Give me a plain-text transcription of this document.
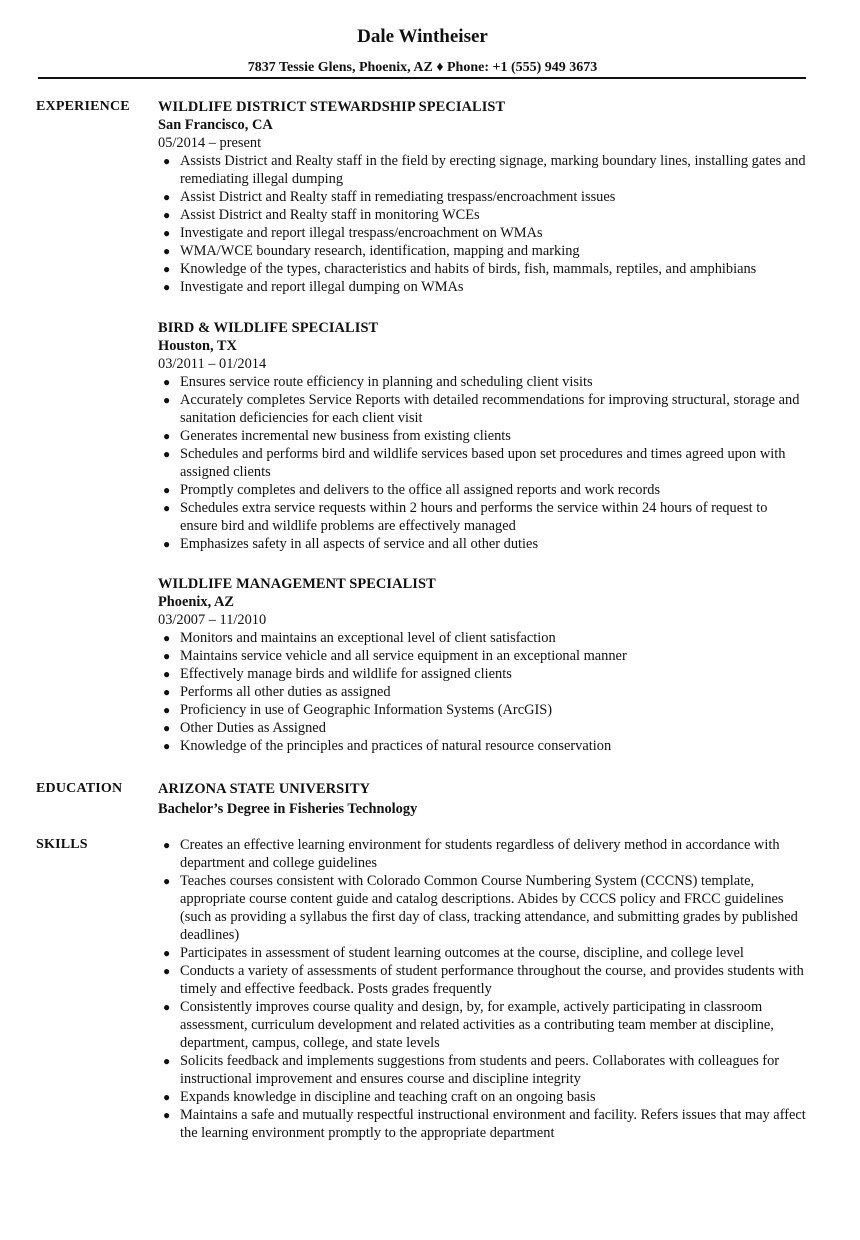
Dale Wintheiser
7837 Tessie Glens, Phoenix, AZ ♦ Phone: +1 (555) 949 3673
EXPERIENCE WILDLIFE DISTRICT STEWARDSHIP SPECIALIST
San Francisco, CA
05/2014 – present
● Assists District and Realty staff in the field by erecting signage, marking boundary lines, installing gates and remediating illegal dumping
● Assist District and Realty staff in remediating trespass/encroachment issues
● Assist District and Realty staff in monitoring WCEs
● Investigate and report illegal trespass/encroachment on WMAs
● WMA/WCE boundary research, identification, mapping and marking
● Knowledge of the types, characteristics and habits of birds, fish, mammals, reptiles, and amphibians
● Investigate and report illegal dumping on WMAs
BIRD & WILDLIFE SPECIALIST
Houston, TX
03/2011 – 01/2014
● Ensures service route efficiency in planning and scheduling client visits
● Accurately completes Service Reports with detailed recommendations for improving structural, storage and sanitation deficiencies for each client visit
● Generates incremental new business from existing clients
● Schedules and performs bird and wildlife services based upon set procedures and times agreed upon with assigned clients
● Promptly completes and delivers to the office all assigned reports and work records
● Schedules extra service requests within 2 hours and performs the service within 24 hours of request to ensure bird and wildlife problems are effectively managed
● Emphasizes safety in all aspects of service and all other duties
WILDLIFE MANAGEMENT SPECIALIST
Phoenix, AZ
03/2007 – 11/2010
● Monitors and maintains an exceptional level of client satisfaction
● Maintains service vehicle and all service equipment in an exceptional manner
● Effectively manage birds and wildlife for assigned clients
● Performs all other duties as assigned
● Proficiency in use of Geographic Information Systems (ArcGIS)
● Other Duties as Assigned
● Knowledge of the principles and practices of natural resource conservation
EDUCATION ARIZONA STATE UNIVERSITY
Bachelor’s Degree in Fisheries Technology
SKILLS	● Creates an effective learning environment for students regardless of delivery method in accordance with department and college guidelines
● Teaches courses consistent with Colorado Common Course Numbering System (CCCNS) template, appropriate course content guide and catalog descriptions. Abides by CCCS policy and FRCC guidelines (such as providing a syllabus the first day of class, tracking attendance, and submitting grades by published deadlines)
● Participates in assessment of student learning outcomes at the course, discipline, and college level
● Conducts a variety of assessments of student performance throughout the course, and provides students with timely and effective feedback. Posts grades frequently
● Consistently improves course quality and design, by, for example, actively participating in classroom assessment, curriculum development and related activities as a contributing team member at discipline, department, campus, college, and state levels
● Solicits feedback and implements suggestions from students and peers. Collaborates with colleagues for instructional improvement and ensures course and discipline integrity
● Expands knowledge in discipline and teaching craft on an ongoing basis
● Maintains a safe and mutually respectful instructional environment and facility. Refers issues that may affect the learning environment promptly to the appropriate department
